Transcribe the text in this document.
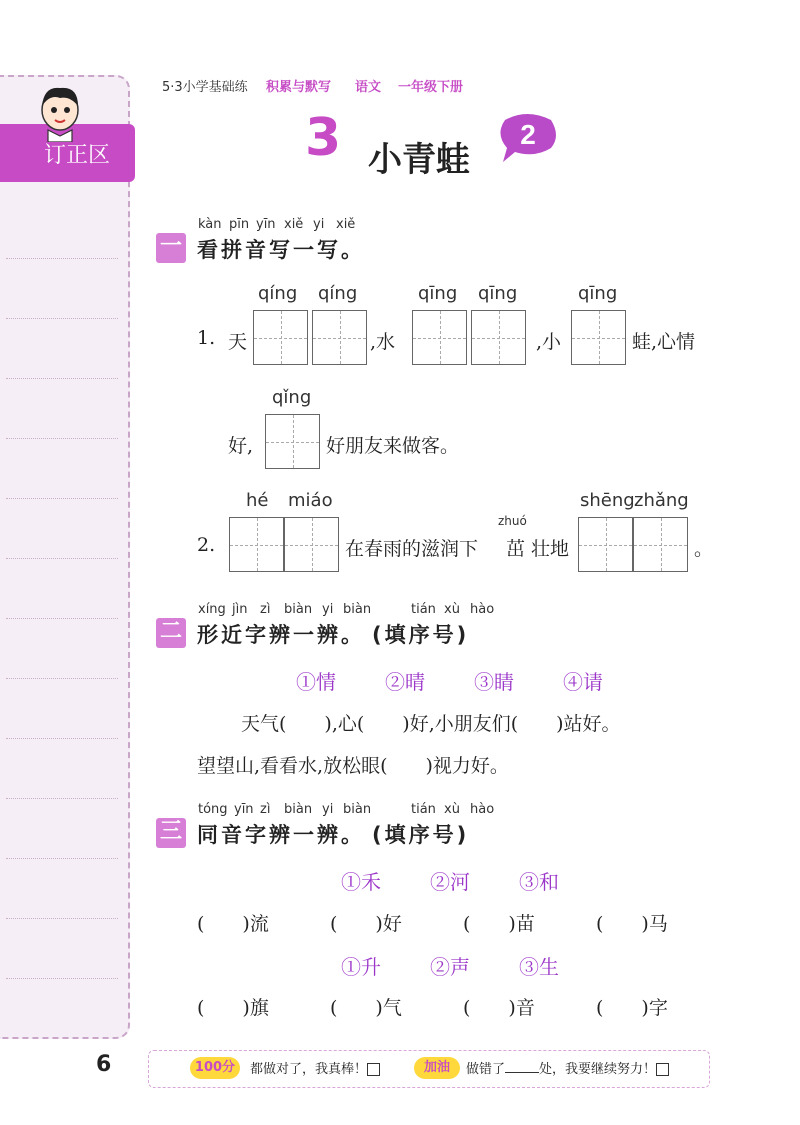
订正区
6
5·3小学基础练 积累与默写 语文 一年级下册
3 小青蛙
2
kàn pīn yīn xiě yi xiě
一 看拼音写一写。
qíng qíng	qīng qīng	qīng
1. 天	,水	,小	蛙,心情
qǐng
好,	好朋友来做客。
hé miáo	shēng zhǎng
zhuó
2.	在春雨的滋润下 茁 壮地	。
xíng jìn zì biàn yi biàn	tián xù hào
二 形近字辨一辨。 (填序号)
①情 ②晴 ③睛 ④请
天气(　　),心(　　)好,小朋友们(　　)站好。
望望山,看看水,放松眼(　　)视力好。
tóng yīn zì biàn yi biàn	tián xù hào
三 同音字辨一辨。 (填序号)
①禾 ②河 ③和
(　　)流	(　　)好	(　　)苗	(　　)马
①升 ②声 ③生
(　　)旗	(　　)气	(　　)音	(　　)字
100分	都做对了，我真棒！	加油	做错了	处，我要继续努力！
